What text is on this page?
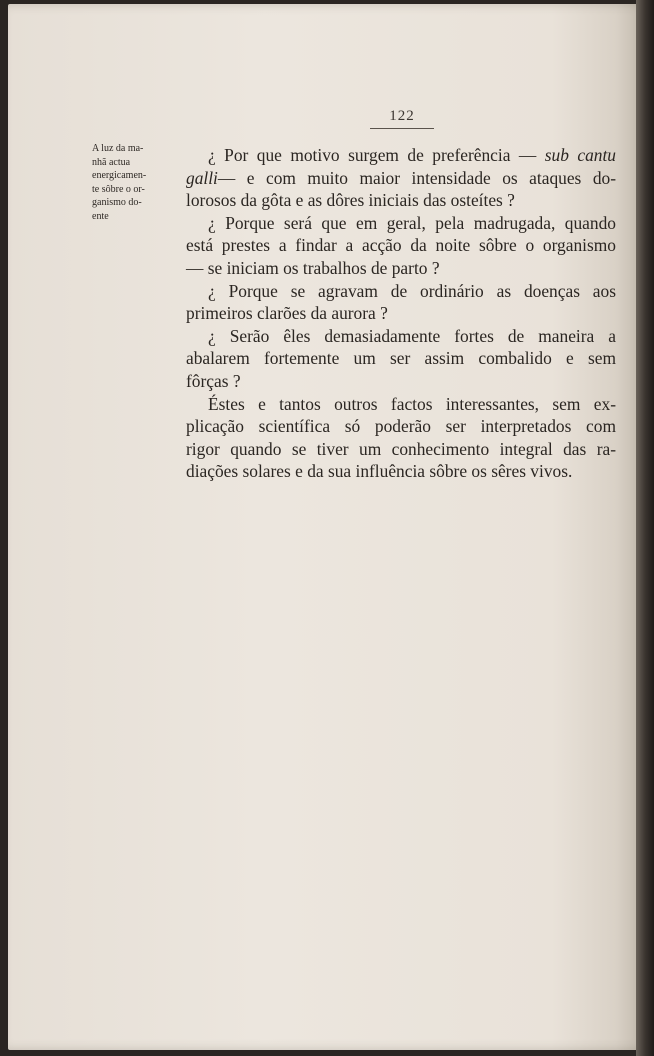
122
A luz da ma-
nhã actua
energicamen-
te sôbre o or-
ganismo do-
ente
¿ Por que motivo surgem de preferência — sub cantu
galli— e com muito maior intensidade os ataques do-
lorosos da gôta e as dôres iniciais das osteítes ?
¿ Porque será que em geral, pela madrugada, quando
está prestes a findar a acção da noite sôbre o organismo
— se iniciam os trabalhos de parto ?
¿ Porque se agravam de ordinário as doenças aos
primeiros clarões da aurora ?
¿ Serão êles demasiadamente fortes de maneira a
abalarem fortemente um ser assim combalido e sem
fôrças ?
Éstes e tantos outros factos interessantes, sem ex-
plicação scientífica só poderão ser interpretados com
rigor quando se tiver um conhecimento integral das ra-
diações solares e da sua influência sôbre os sêres vivos.
